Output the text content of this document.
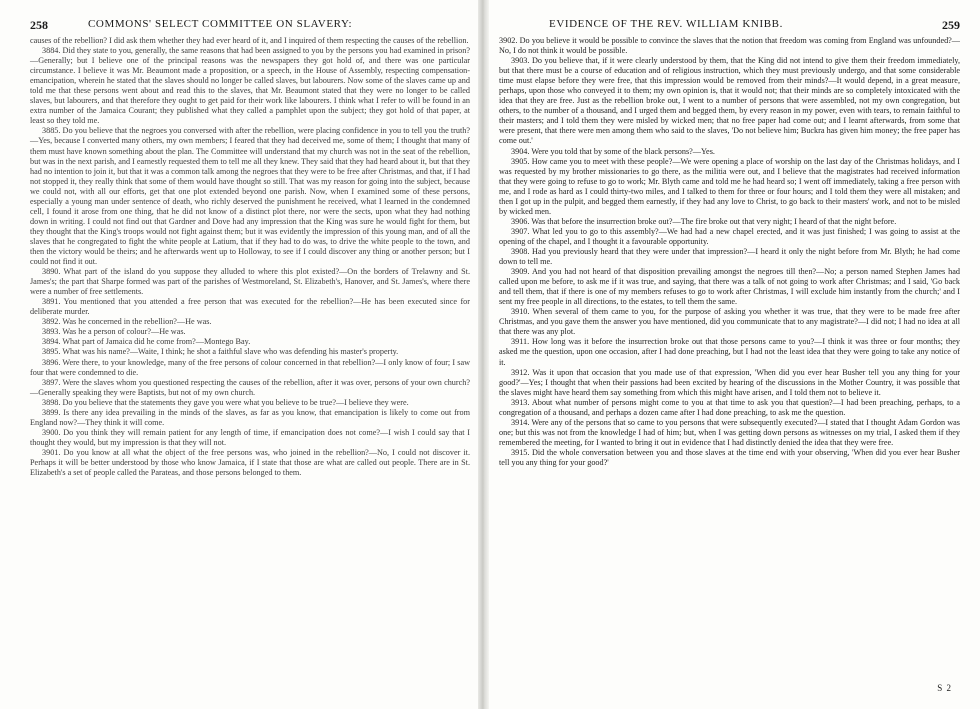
258	COMMONS' SELECT COMMITTEE ON SLAVERY:

causes of the rebellion? I did ask them whether they had ever heard of it, and I inquired of them respecting the causes of the rebellion.

3884. Did they state to you, generally, the same reasons that had been assigned to you by the persons you had examined in prison?—Generally; but I believe one of the principal reasons was the newspapers they got hold of, and there was one particular circumstance. I believe it was Mr. Beaumont made a proposition, or a speech, in the House of Assembly, respecting compensation-emancipation, wherein he stated that the slaves should no longer be called slaves, but labourers. Now some of the slaves came up and told me that these persons went about and read this to the slaves, that Mr. Beaumont stated that they were no longer to be called slaves, but labourers, and that therefore they ought to get paid for their work like labourers. I think what I refer to will be found in an extra number of the Jamaica Courant; they published what they called a pamphlet upon the subject; they got hold of that paper, at least so they told me.

3885. Do you believe that the negroes you conversed with after the rebellion, were placing confidence in you to tell you the truth?—Yes, because I converted many others, my own members; I feared that they had deceived me, some of them; I thought that many of them must have known something about the plan. The Committee will understand that my church was not in the seat of the rebellion, but was in the next parish, and I earnestly requested them to tell me all they knew. They said that they had heard about it, but that they had no intention to join it, but that it was a common talk among the negroes that they were to be free after Christmas, and that, if I had not stopped it, they really think that some of them would have thought so still. That was my reason for going into the subject, because we could not, with all our efforts, get that one plot extended beyond one parish. Now, when I examined some of these persons, especially a young man under sentence of death, who richly deserved the punishment he received, what I learned in the condemned cell, I found it arose from one thing, that he did not know of a distinct plot there, nor were the sects, upon what they had nothing down in writing. I could not find out that Gardner and Dove had any impression that the King was sure he would fight for them, but they thought that the King's troops would not fight against them; but it was evidently the impression of this young man, and of all the slaves that he congregated to fight the white people at Latium, that if they had to do was, to drive the white people to the town, and then the victory would be theirs; and he afterwards went up to Holloway, to see if I could discover any thing or another person; but I could not find it out.

3890. What part of the island do you suppose they alluded to where this plot existed?—On the borders of Trelawny and St. James's; the part that Sharpe formed was part of the parishes of Westmoreland, St. Elizabeth's, Hanover, and St. James's, where there were a number of free settlements.

3891. You mentioned that you attended a free person that was executed for the rebellion?—He has been executed since for deliberate murder.

3892. Was he concerned in the rebellion?—He was.

3893. Was he a person of colour?—He was.

3894. What part of Jamaica did he come from?—Montego Bay.

3895. What was his name?—Waite, I think; he shot a faithful slave who was defending his master's property.

3896. Were there, to your knowledge, many of the free persons of colour concerned in that rebellion?—I only know of four; I saw four that were condemned to die.

3897. Were the slaves whom you questioned respecting the causes of the rebellion, after it was over, persons of your own church?—Generally speaking they were Baptists, but not of my own church.

3898. Do you believe that the statements they gave you were what you believe to be true?—I believe they were.

3899. Is there any idea prevailing in the minds of the slaves, as far as you know, that emancipation is likely to come out from England now?—They think it will come.

3900. Do you think they will remain patient for any length of time, if emancipation does not come?—I wish I could say that I thought they would, but my impression is that they will not.

3901. Do you know at all what the object of the free persons was, who joined in the rebellion?—No, I could not discover it. Perhaps it will be better understood by those who know Jamaica, if I state that those are what are called out people. There are in St. Elizabeth's a set of people called the Parateas, and those persons belonged to them.

EVIDENCE OF THE REV. WILLIAM KNIBB.	259

3902. Do you believe it would be possible to convince the slaves that the notion that freedom was coming from England was unfounded?—No, I do not think it would be possible.

3903. Do you believe that, if it were clearly understood by them, that the King did not intend to give them their freedom immediately, but that there must be a course of education and of religious instruction, which they must previously undergo, and that some considerable time must elapse before they were free, that this impression would be removed from their minds?—It would depend, in a great measure, perhaps, upon those who conveyed it to them; my own opinion is, that it would not; that their minds are so completely intoxicated with the idea that they are free. Just as the rebellion broke out, I went to a number of persons that were assembled, not my own congregation, but others, to the number of a thousand, and I urged them and begged them, by every reason in my power, even with tears, to remain faithful to their masters; and I told them they were misled by wicked men; that no free paper had come out; and I learnt afterwards, from some that were present, that there were men among them who said to the slaves, 'Do not believe him; Buckra has given him money; the free paper has come out.'

3904. Were you told that by some of the black persons?—Yes.

3905. How came you to meet with these people?—We were opening a place of worship on the last day of the Christmas holidays, and I was requested by my brother missionaries to go there, as the militia were out, and I believe that the magistrates had received information that they were going to refuse to go to work; Mr. Blyth came and told me he had heard so; I went off immediately, taking a free person with me, and I rode as hard as I could thirty-two miles, and I talked to them for three or four hours; and I told them they were all mistaken; and then I got up in the pulpit, and begged them earnestly, if they had any love to Christ, to go back to their masters' work, and not to be misled by wicked men.

3906. Was that before the insurrection broke out?—The fire broke out that very night; I heard of that the night before.

3907. What led you to go to this assembly?—We had had a new chapel erected, and it was just finished; I was going to assist at the opening of the chapel, and I thought it a favourable opportunity.

3908. Had you previously heard that they were under that impression?—I heard it only the night before from Mr. Blyth; he had come down to tell me.

3909. And you had not heard of that disposition prevailing amongst the negroes till then?—No; a person named Stephen James had called upon me before, to ask me if it was true, and saying, that there was a talk of not going to work after Christmas; and I said, 'Go back and tell them, that if there is one of my members refuses to go to work after Christmas, I will exclude him instantly from the church;' and I sent my free people in all directions, to the estates, to tell them the same.

3910. When several of them came to you, for the purpose of asking you whether it was true, that they were to be made free after Christmas, and you gave them the answer you have mentioned, did you communicate that to any magistrate?—I did not; I had no idea at all that there was any plot.

3911. How long was it before the insurrection broke out that those persons came to you?—I think it was three or four months; they asked me the question, upon one occasion, after I had done preaching, but I had not the least idea that they were going to take any notice of it.

3912. Was it upon that occasion that you made use of that expression, 'When did you ever hear Busher tell you any thing for your good?'—Yes; I thought that when their passions had been excited by hearing of the discussions in the Mother Country, it was possible that the slaves might have heard them say something from which this might have arisen, and I told them not to believe it.

3913. About what number of persons might come to you at that time to ask you that question?—I had been preaching, perhaps, to a congregation of a thousand, and perhaps a dozen came after I had done preaching, to ask me the question.

3914. Were any of the persons that so came to you persons that were subsequently executed?—I stated that I thought Adam Gordon was one; but this was not from the knowledge I had of him; but, when I was getting down persons as witnesses on my trial, I asked them if they remembered the meeting, for I wanted to bring it out in evidence that I had distinctly denied the idea that they were free.

3915. Did the whole conversation between you and those slaves at the time end with your observing, 'When did you ever hear Busher tell you any thing for your good?'

S 2
